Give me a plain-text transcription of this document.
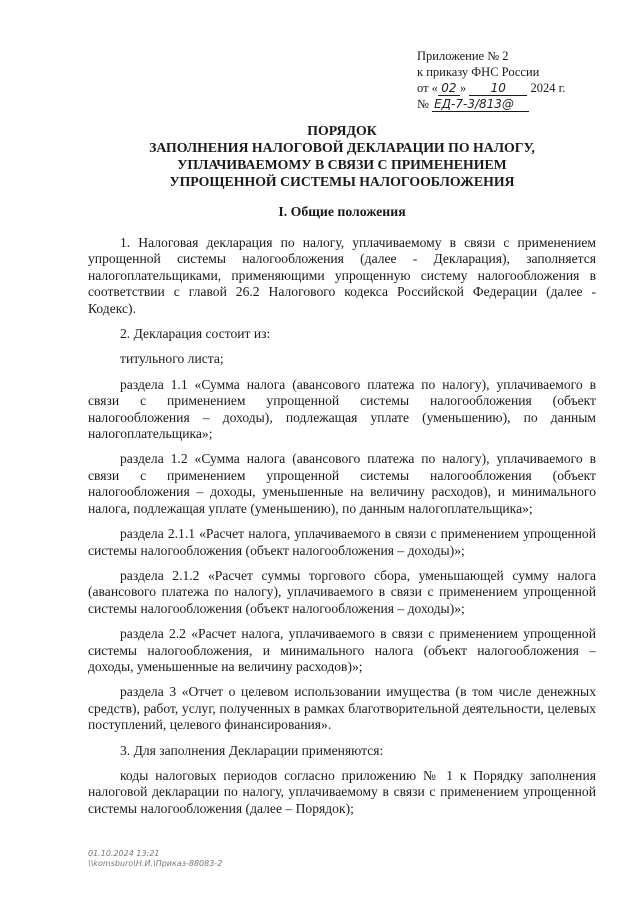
Приложение № 2
к приказу ФНС России
от « 02 » 10 2024 г.
№ ЕД-7-3/813@
ПОРЯДОК
ЗАПОЛНЕНИЯ НАЛОГОВОЙ ДЕКЛАРАЦИИ ПО НАЛОГУ,
УПЛАЧИВАЕМОМУ В СВЯЗИ С ПРИМЕНЕНИЕМ
УПРОЩЕННОЙ СИСТЕМЫ НАЛОГООБЛОЖЕНИЯ
I. Общие положения

1. Налоговая декларация по налогу, уплачиваемому в связи с применением упрощенной системы налогообложения (далее - Декларация), заполняется налогоплательщиками, применяющими упрощенную систему налогообложения в соответствии с главой 26.2 Налогового кодекса Российской Федерации (далее - Кодекс).

2. Декларация состоит из:

титульного листа;

раздела 1.1 «Сумма налога (авансового платежа по налогу), уплачиваемого в связи с применением упрощенной системы налогообложения (объект налогообложения – доходы), подлежащая уплате (уменьшению), по данным налогоплательщика»;

раздела 1.2 «Сумма налога (авансового платежа по налогу), уплачиваемого в связи с применением упрощенной системы налогообложения (объект налогообложения – доходы, уменьшенные на величину расходов), и минимального налога, подлежащая уплате (уменьшению), по данным налогоплательщика»;

раздела 2.1.1 «Расчет налога, уплачиваемого в связи с применением упрощенной системы налогообложения (объект налогообложения – доходы)»;

раздела 2.1.2 «Расчет суммы торгового сбора, уменьшающей сумму налога (авансового платежа по налогу), уплачиваемого в связи с применением упрощенной системы налогообложения (объект налогообложения – доходы)»;

раздела 2.2 «Расчет налога, уплачиваемого в связи с применением упрощенной системы налогообложения, и минимального налога (объект налогообложения – доходы, уменьшенные на величину расходов)»;

раздела 3 «Отчет о целевом использовании имущества (в том числе денежных средств), работ, услуг, полученных в рамках благотворительной деятельности, целевых поступлений, целевого финансирования».

3. Для заполнения Декларации применяются:

коды налоговых периодов согласно приложению № 1 к Порядку заполнения налоговой декларации по налогу, уплачиваемому в связи с применением упрощенной системы налогообложения (далее – Порядок);

01.10.2024 13:21
\\komsburo\Н.И.\Приказ-88083-2
